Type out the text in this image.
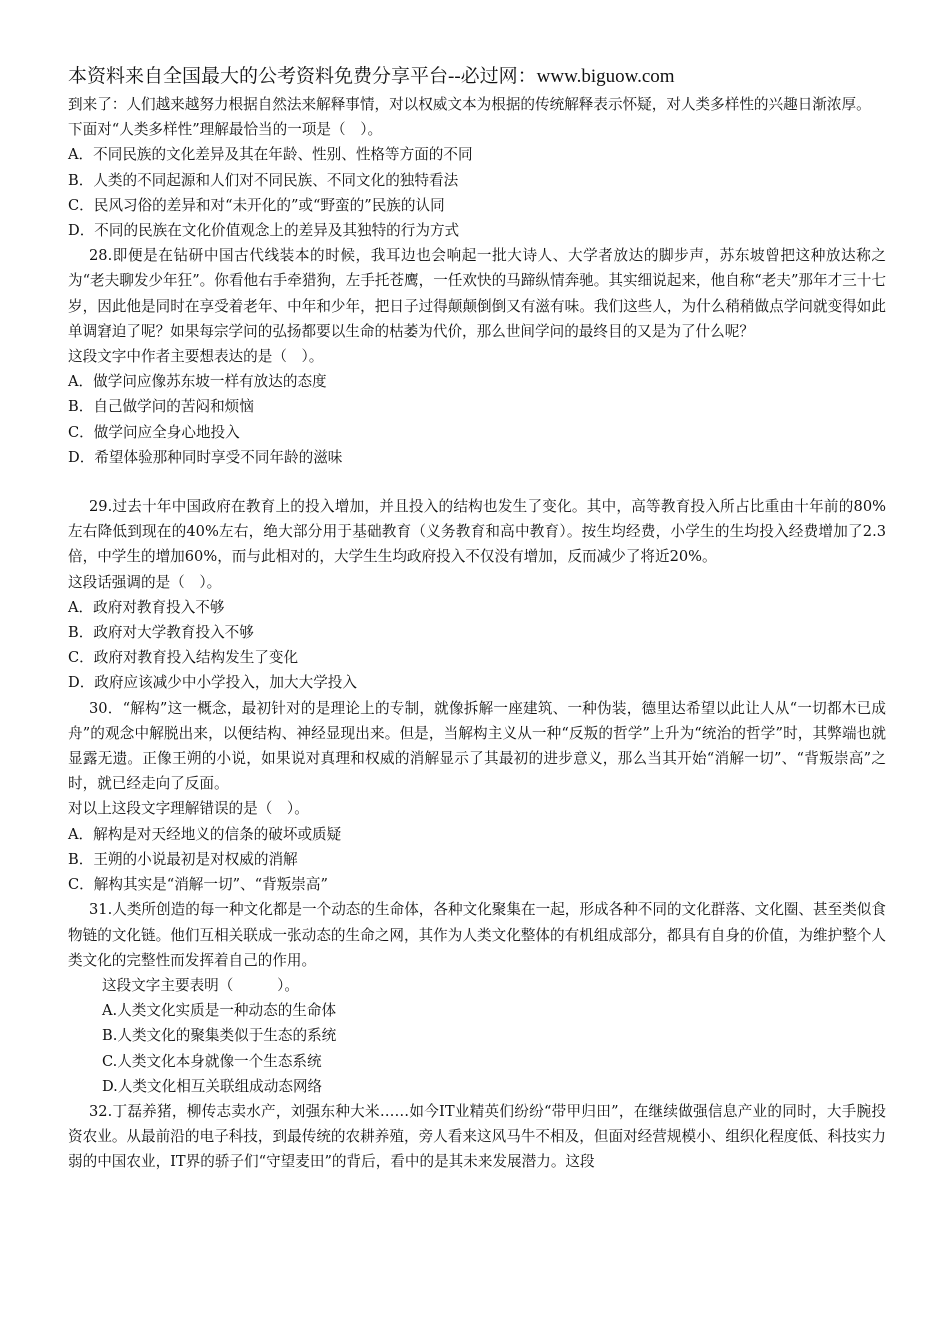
本资料来自全国最大的公考资料免费分享平台--必过网：www.biguow.com

到来了：人们越来越努力根据自然法来解释事情，对以权威文本为根据的传统解释表示怀疑，对人类多样性的兴趣日渐浓厚。

下面对“人类多样性”理解最恰当的一项是（　）。

A．不同民族的文化差异及其在年龄、性别、性格等方面的不同

B．人类的不同起源和人们对不同民族、不同文化的独特看法

C．民风习俗的差异和对“未开化的”或“野蛮的”民族的认同

D．不同的民族在文化价值观念上的差异及其独特的行为方式

28.即便是在钻研中国古代线装本的时候，我耳边也会响起一批大诗人、大学者放达的脚步声，苏东坡曾把这种放达称之为“老夫聊发少年狂”。你看他右手牵猎狗，左手托苍鹰，一任欢快的马蹄纵情奔驰。其实细说起来，他自称“老夫”那年才三十七岁，因此他是同时在享受着老年、中年和少年，把日子过得颠颠倒倒又有滋有味。我们这些人，为什么稍稍做点学问就变得如此单调窘迫了呢？如果每宗学问的弘扬都要以生命的枯萎为代价，那么世间学问的最终目的又是为了什么呢？

这段文字中作者主要想表达的是（　）。

A．做学问应像苏东坡一样有放达的态度

B．自己做学问的苦闷和烦恼

C．做学问应全身心地投入

D．希望体验那种同时享受不同年龄的滋味

29.过去十年中国政府在教育上的投入增加，并且投入的结构也发生了变化。其中，高等教育投入所占比重由十年前的80%左右降低到现在的40%左右，绝大部分用于基础教育（义务教育和高中教育）。按生均经费，小学生的生均投入经费增加了2.3倍，中学生的增加60%，而与此相对的，大学生生均政府投入不仅没有增加，反而减少了将近20%。

这段话强调的是（　）。

A．政府对教育投入不够

B．政府对大学教育投入不够

C．政府对教育投入结构发生了变化

D．政府应该减少中小学投入，加大大学投入

30．“解构”这一概念，最初针对的是理论上的专制，就像拆解一座建筑、一种伪装，德里达希望以此让人从“一切都木已成舟”的观念中解脱出来，以便结构、神经显现出来。但是，当解构主义从一种“反叛的哲学”上升为“统治的哲学”时，其弊端也就显露无遗。正像王朔的小说，如果说对真理和权威的消解显示了其最初的进步意义，那么当其开始“消解一切”、“背叛崇高”之时，就已经走向了反面。

对以上这段文字理解错误的是（　）。

A．解构是对天经地义的信条的破坏或质疑

B．王朔的小说最初是对权威的消解

C．解构其实是“消解一切”、“背叛崇高”

31.人类所创造的每一种文化都是一个动态的生命体，各种文化聚集在一起，形成各种不同的文化群落、文化圈、甚至类似食物链的文化链。他们互相关联成一张动态的生命之网，其作为人类文化整体的有机组成部分，都具有自身的价值，为维护整个人类文化的完整性而发挥着自己的作用。

这段文字主要表明（　　　）。

A.人类文化实质是一种动态的生命体

B.人类文化的聚集类似于生态的系统

C.人类文化本身就像一个生态系统

D.人类文化相互关联组成动态网络

32.丁磊养猪，柳传志卖水产，刘强东种大米……如今IT业精英们纷纷“带甲归田”，在继续做强信息产业的同时，大手腕投资农业。从最前沿的电子科技，到最传统的农耕养殖，旁人看来这风马牛不相及，但面对经营规模小、组织化程度低、科技实力弱的中国农业，IT界的骄子们“守望麦田”的背后，看中的是其未来发展潜力。这段
